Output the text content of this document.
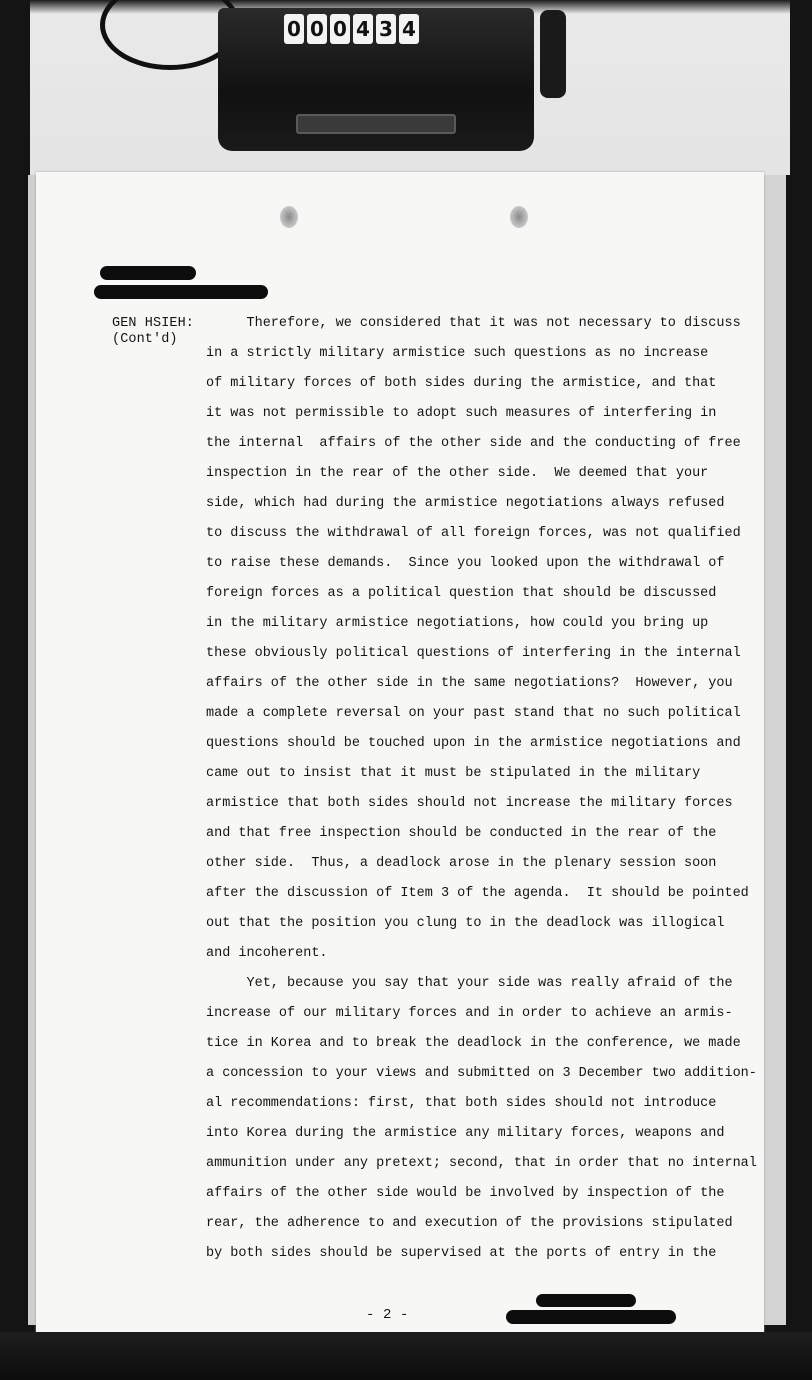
0 0 0 4 3 4
GEN HSIEH:
(Cont'd)
Therefore, we considered that it was not necessary to discuss
in a strictly military armistice such questions as no increase
of military forces of both sides during the armistice, and that
it was not permissible to adopt such measures of interfering in
the internal  affairs of the other side and the conducting of free
inspection in the rear of the other side.  We deemed that your
side, which had during the armistice negotiations always refused
to discuss the withdrawal of all foreign forces, was not qualified
to raise these demands.  Since you looked upon the withdrawal of
foreign forces as a political question that should be discussed
in the military armistice negotiations, how could you bring up
these obviously political questions of interfering in the internal
affairs of the other side in the same negotiations?  However, you
made a complete reversal on your past stand that no such political
questions should be touched upon in the armistice negotiations and
came out to insist that it must be stipulated in the military
armistice that both sides should not increase the military forces
and that free inspection should be conducted in the rear of the
other side.  Thus, a deadlock arose in the plenary session soon
after the discussion of Item 3 of the agenda.  It should be pointed
out that the position you clung to in the deadlock was illogical
and incoherent.
Yet, because you say that your side was really afraid of the
increase of our military forces and in order to achieve an armis-
tice in Korea and to break the deadlock in the conference, we made
a concession to your views and submitted on 3 December two addition-
al recommendations: first, that both sides should not introduce
into Korea during the armistice any military forces, weapons and
ammunition under any pretext; second, that in order that no internal
affairs of the other side would be involved by inspection of the
rear, the adherence to and execution of the provisions stipulated
by both sides should be supervised at the ports of entry in the
- 2 -
